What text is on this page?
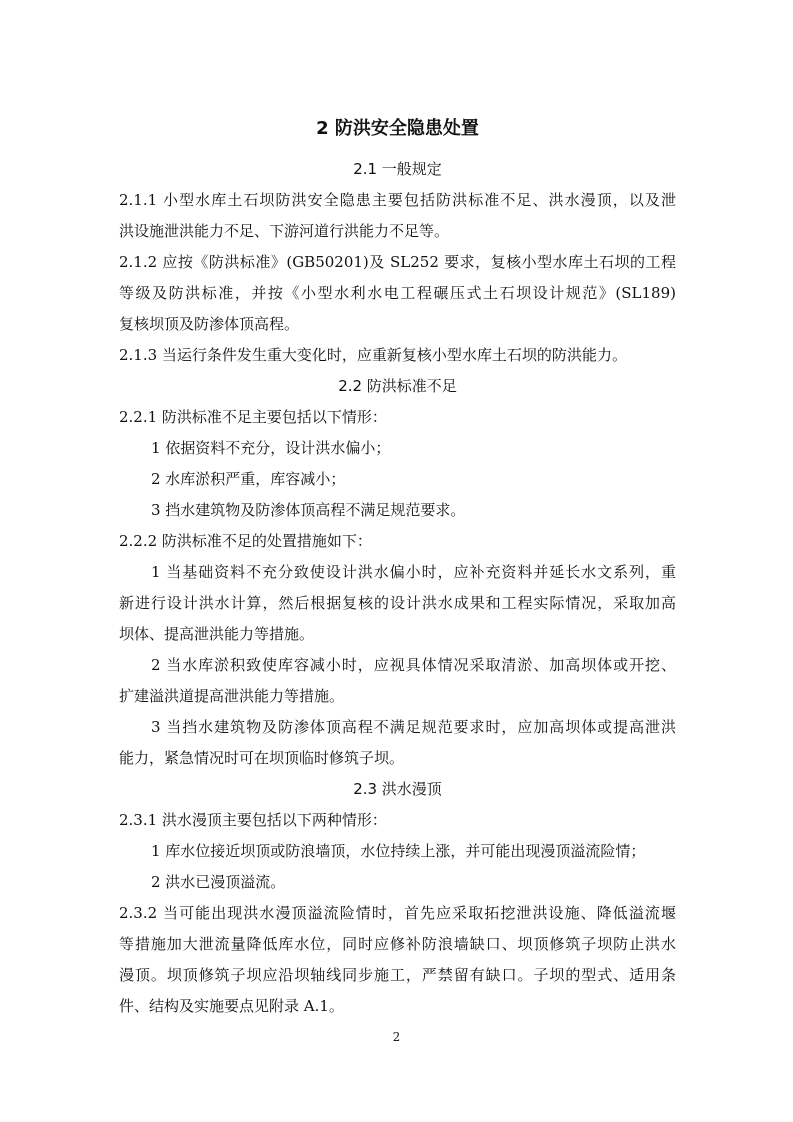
2 防洪安全隐患处置
2.1 一般规定
2.1.1 小型水库土石坝防洪安全隐患主要包括防洪标准不足、洪水漫顶，以及泄
洪设施泄洪能力不足、下游河道行洪能力不足等。
2.1.2 应按《防洪标准》(GB50201)及 SL252 要求，复核小型水库土石坝的工程
等级及防洪标准，并按《小型水利水电工程碾压式土石坝设计规范》(SL189)
复核坝顶及防渗体顶高程。
2.1.3 当运行条件发生重大变化时，应重新复核小型水库土石坝的防洪能力。
2.2 防洪标准不足
2.2.1 防洪标准不足主要包括以下情形：
1 依据资料不充分，设计洪水偏小；
2 水库淤积严重，库容减小；
3 挡水建筑物及防渗体顶高程不满足规范要求。
2.2.2 防洪标准不足的处置措施如下：
1 当基础资料不充分致使设计洪水偏小时，应补充资料并延长水文系列，重
新进行设计洪水计算，然后根据复核的设计洪水成果和工程实际情况，采取加高
坝体、提高泄洪能力等措施。
2 当水库淤积致使库容减小时，应视具体情况采取清淤、加高坝体或开挖、
扩建溢洪道提高泄洪能力等措施。
3 当挡水建筑物及防渗体顶高程不满足规范要求时，应加高坝体或提高泄洪
能力，紧急情况时可在坝顶临时修筑子坝。
2.3 洪水漫顶
2.3.1 洪水漫顶主要包括以下两种情形：
1 库水位接近坝顶或防浪墙顶，水位持续上涨，并可能出现漫顶溢流险情；
2 洪水已漫顶溢流。
2.3.2 当可能出现洪水漫顶溢流险情时，首先应采取拓挖泄洪设施、降低溢流堰
等措施加大泄流量降低库水位，同时应修补防浪墙缺口、坝顶修筑子坝防止洪水
漫顶。坝顶修筑子坝应沿坝轴线同步施工，严禁留有缺口。子坝的型式、适用条
件、结构及实施要点见附录 A.1。
2
